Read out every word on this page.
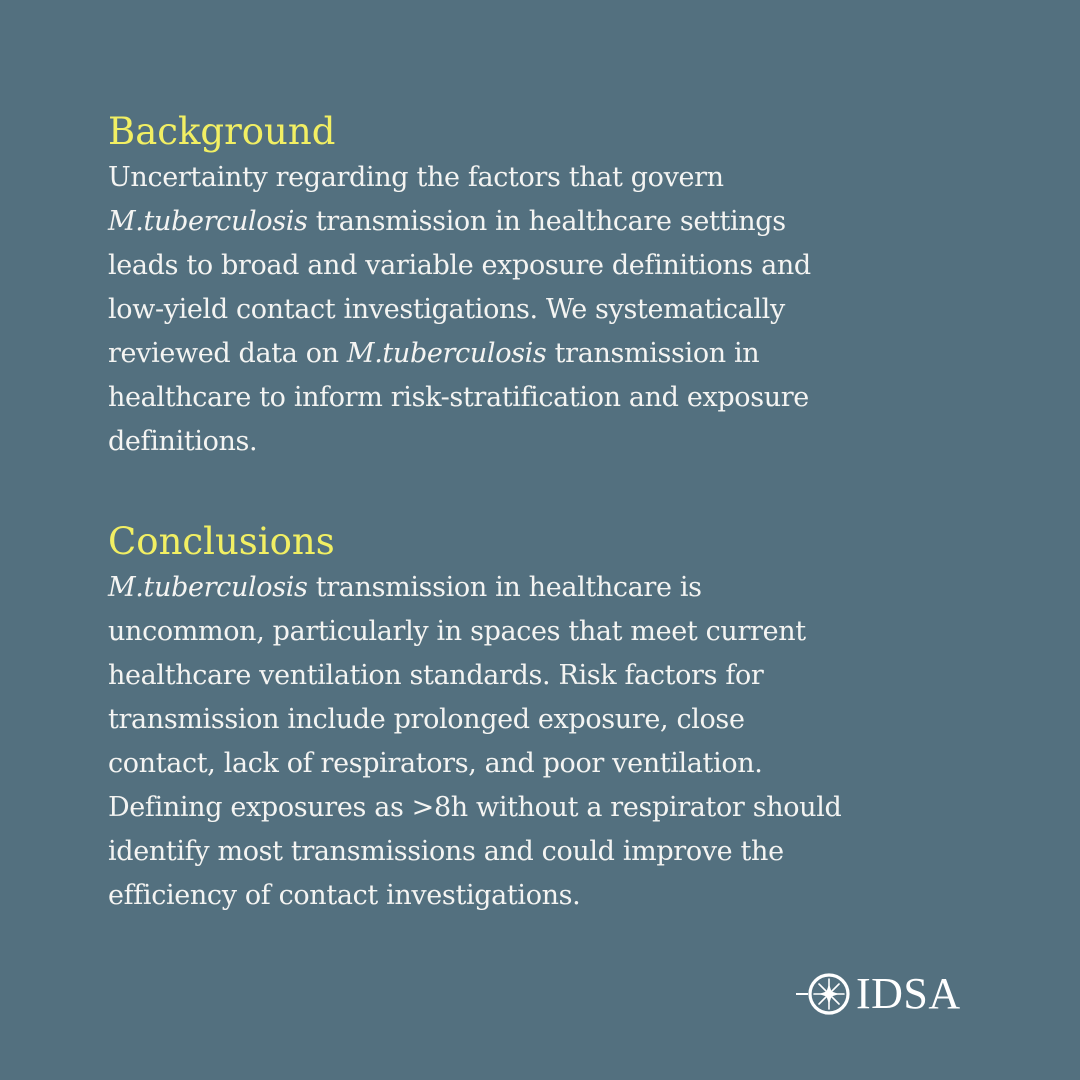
Background
Uncertainty regarding the factors that govern
M.tuberculosis transmission in healthcare settings
leads to broad and variable exposure definitions and
low-yield contact investigations. We systematically
reviewed data on M.tuberculosis transmission in
healthcare to inform risk-stratification and exposure
definitions.
Conclusions
M.tuberculosis transmission in healthcare is
uncommon, particularly in spaces that meet current
healthcare ventilation standards. Risk factors for
transmission include prolonged exposure, close
contact, lack of respirators, and poor ventilation.
Defining exposures as >8h without a respirator should
identify most transmissions and could improve the
efficiency of contact investigations.
IDSA
